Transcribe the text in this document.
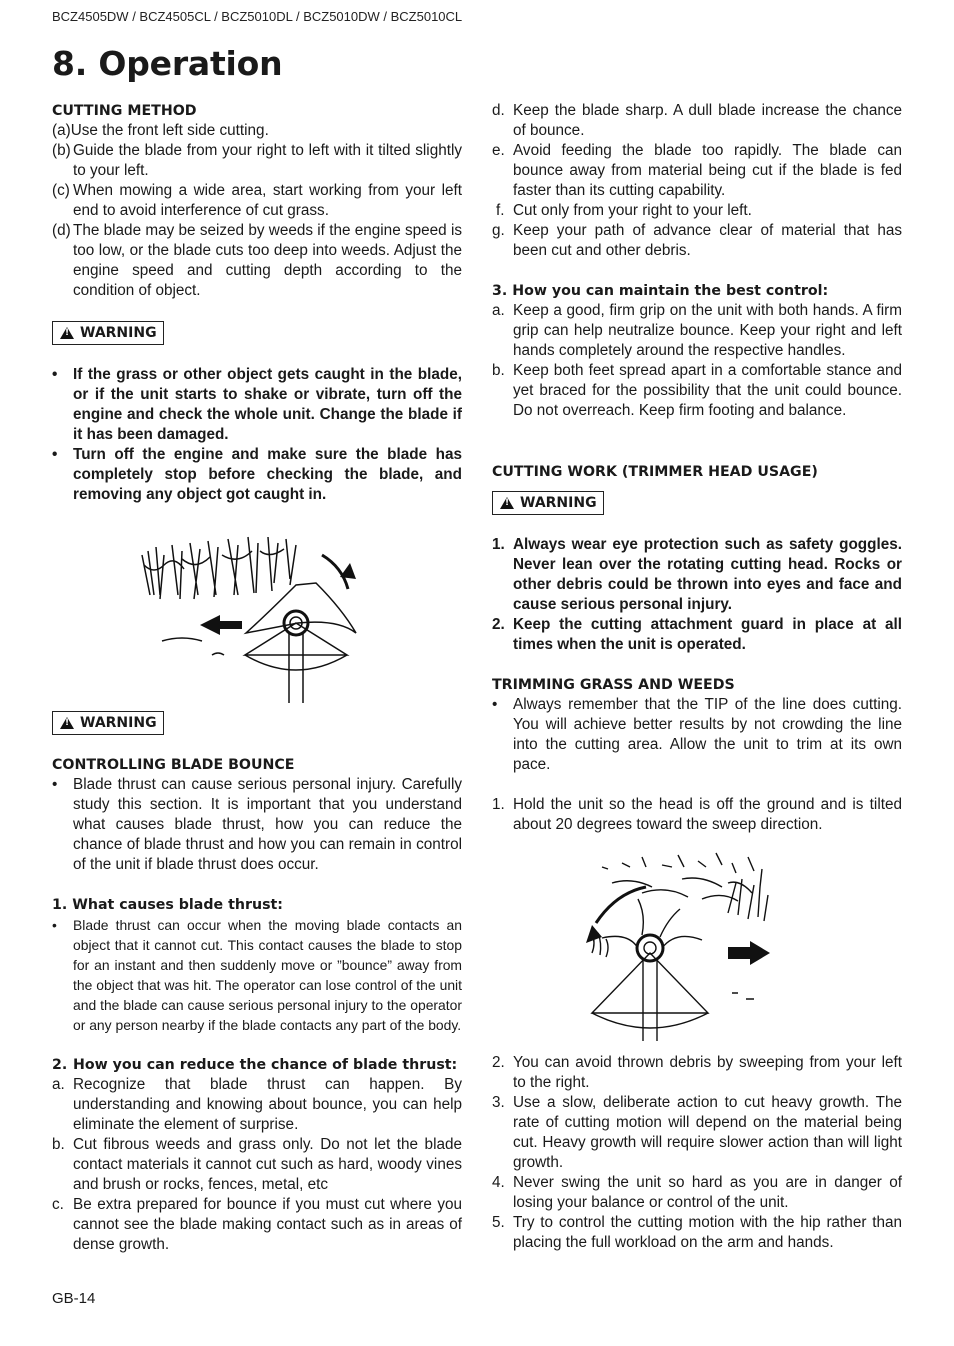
BCZ4505DW / BCZ4505CL / BCZ5010DL / BCZ5010DW / BCZ5010CL
8. Operation
CUTTING METHOD
(a)Use the front left side cutting.
(b) Guide the blade from your right to left with it tilted slightly to your left.
(c) When mowing a wide area, start working from your left end to avoid interference of cut grass.
(d) The blade may be seized by weeds if the engine speed is too low, or the blade cuts too deep into weeds. Adjust the engine speed and cutting depth according to the condition of object.
!
WARNING
•	If the grass or other object gets caught in the blade, or if the unit starts to shake or vibrate, turn off the engine and check the whole unit. Change the blade if it has been damaged.
•	Turn off the engine and make sure the blade has completely stop before checking the blade, and removing any object got caught in.
!
WARNING
CONTROLLING BLADE BOUNCE
•	Blade thrust can cause serious personal injury. Carefully study this section. It is important that you understand what causes blade thrust, how you can reduce the chance of blade thrust and how you can remain in control of the unit if blade thrust does occur.
1. What causes blade thrust:
•	Blade thrust can occur when the moving blade contacts an object that it cannot cut. This contact causes the blade to stop for an instant and then suddenly move or ”bounce” away from the object that was hit. The operator can lose control of the unit and the blade can cause serious personal injury to the operator or any person nearby if the blade contacts any part of the body.
2. How you can reduce the chance of blade thrust:
a. Recognize that blade thrust can happen. By understanding and knowing about bounce, you can help eliminate the element of surprise.
b. Cut fibrous weeds and grass only. Do not let the blade contact materials it cannot cut such as hard, woody vines and brush or rocks, fences, metal, etc
c. Be extra prepared for bounce if you must cut where you cannot see the blade making contact such as in areas of dense growth.
d. Keep the blade sharp. A dull blade increase the chance of bounce.
e. Avoid feeding the blade too rapidly. The blade can bounce away from material being cut if the blade is fed faster than its cutting capability.
f. Cut only from your right to your left.
g. Keep your path of advance clear of material that has been cut and other debris.
3. How you can maintain the best control:
a. Keep a good, firm grip on the unit with both hands. A firm grip can help neutralize bounce. Keep your right and left hands completely around the respective handles.
b. Keep both feet spread apart in a comfortable stance and yet braced for the possibility that the unit could bounce. Do not overreach. Keep firm footing and balance.
CUTTING WORK (TRIMMER HEAD USAGE)
!
WARNING
1. Always wear eye protection such as safety goggles. Never lean over the rotating cutting head. Rocks or other debris could be thrown into eyes and face and cause serious personal injury.
2. Keep the cutting attachment guard in place at all times when the unit is operated.
TRIMMING GRASS AND WEEDS
•	Always remember that the TIP of the line does cutting. You will achieve better results by not crowding the line into the cutting area. Allow the unit to trim at its own pace.
1. Hold the unit so the head is off the ground and is tilted about 20 degrees toward the sweep direction.
2. You can avoid thrown debris by sweeping from your left to the right.
3. Use a slow, deliberate action to cut heavy growth. The rate of cutting motion will depend on the material being cut. Heavy growth will require slower action than will light growth.
4. Never swing the unit so hard as you are in danger of losing your balance or control of the unit.
5. Try to control the cutting motion with the hip rather than placing the full workload on the arm and hands.
GB-14
